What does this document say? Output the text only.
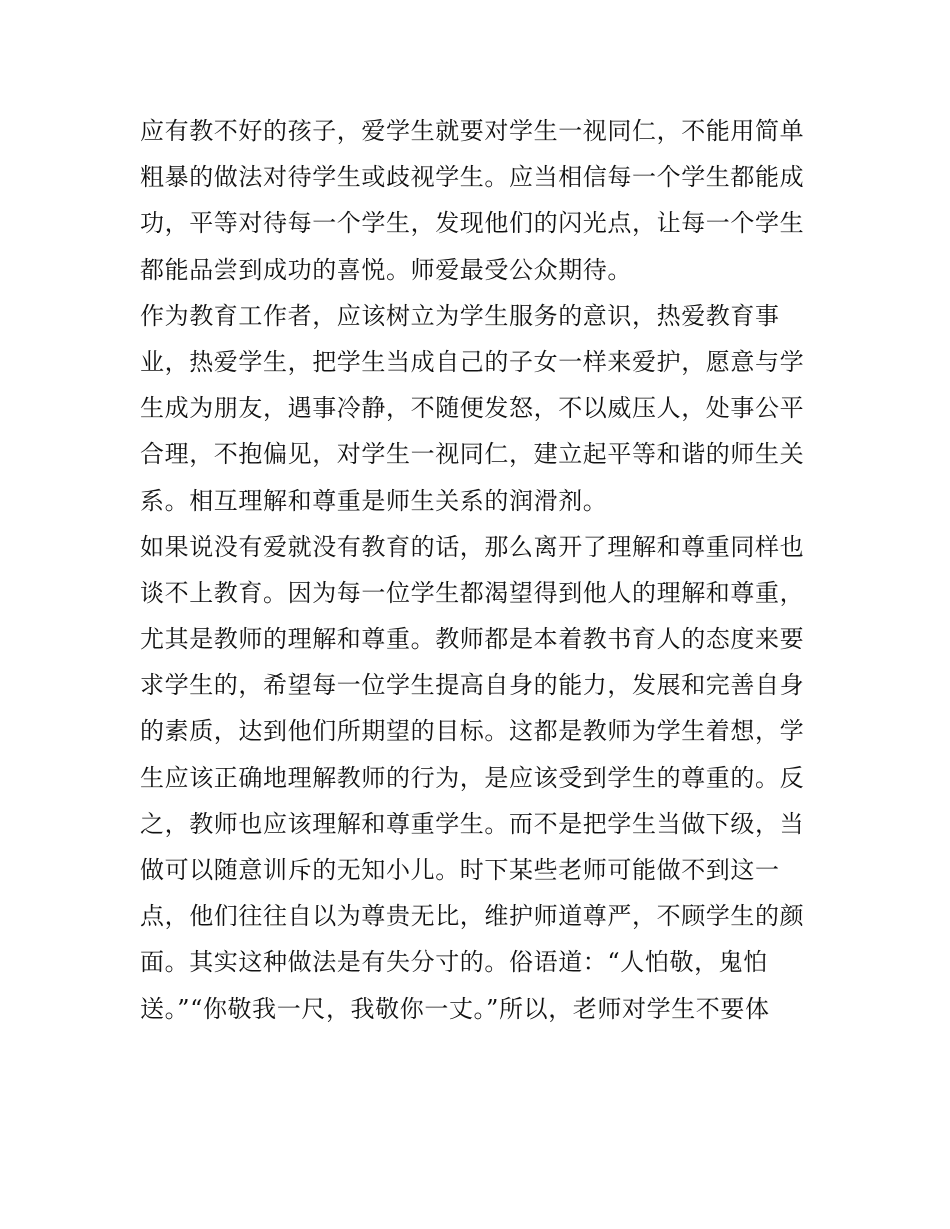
应有教不好的孩子，爱学生就要对学生一视同仁，不能用简单
粗暴的做法对待学生或歧视学生。应当相信每一个学生都能成
功，平等对待每一个学生，发现他们的闪光点，让每一个学生
都能品尝到成功的喜悦。师爱最受公众期待。
作为教育工作者，应该树立为学生服务的意识，热爱教育事
业，热爱学生，把学生当成自己的子女一样来爱护，愿意与学
生成为朋友，遇事冷静，不随便发怒，不以威压人，处事公平
合理，不抱偏见，对学生一视同仁，建立起平等和谐的师生关
系。相互理解和尊重是师生关系的润滑剂。
如果说没有爱就没有教育的话，那么离开了理解和尊重同样也
谈不上教育。因为每一位学生都渴望得到他人的理解和尊重，
尤其是教师的理解和尊重。教师都是本着教书育人的态度来要
求学生的，希望每一位学生提高自身的能力，发展和完善自身
的素质，达到他们所期望的目标。这都是教师为学生着想，学
生应该正确地理解教师的行为，是应该受到学生的尊重的。反
之，教师也应该理解和尊重学生。而不是把学生当做下级，当
做可以随意训斥的无知小儿。时下某些老师可能做不到这一
点，他们往往自以为尊贵无比，维护师道尊严，不顾学生的颜
面。其实这种做法是有失分寸的。俗语道：“人怕敬，鬼怕
送。”“你敬我一尺，我敬你一丈。”所以，老师对学生不要体
